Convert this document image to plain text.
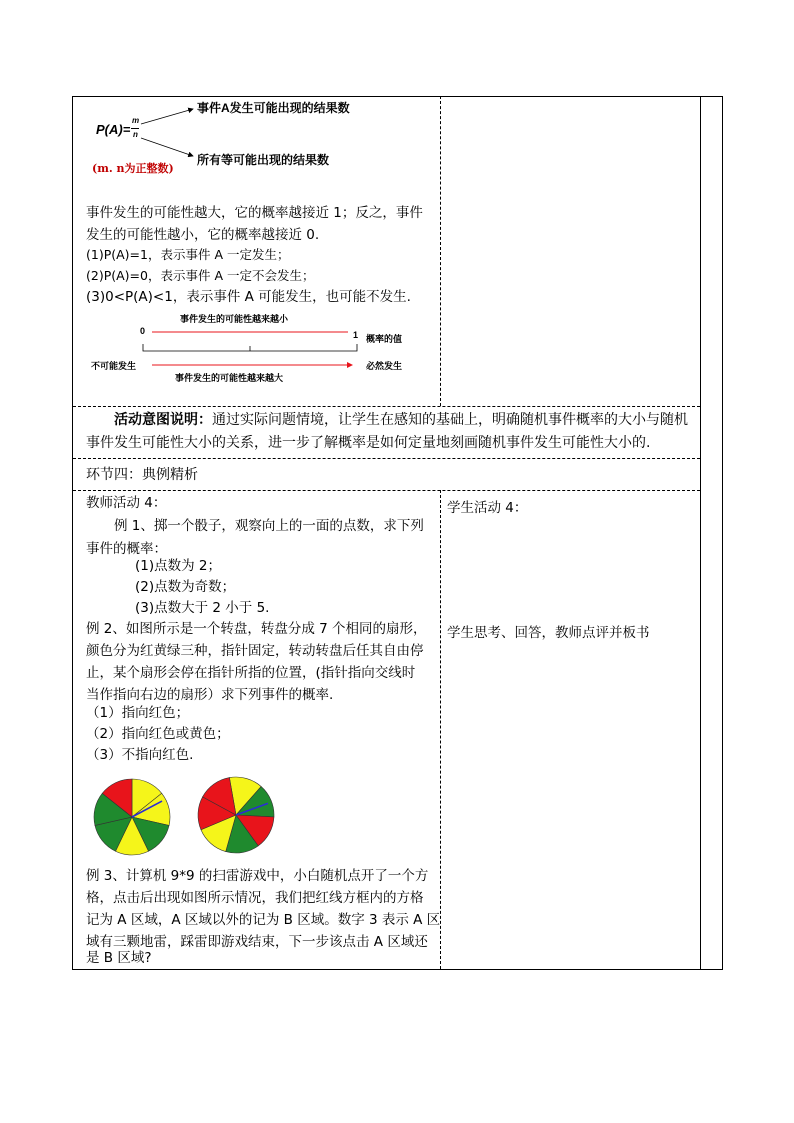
P(A)=
m
n
事件A发生可能出现的结果数
所有等可能出现的结果数
(m. n为正整数)
事件发生的可能性越大，它的概率越接近 1；反之，事件
发生的可能性越小，它的概率越接近 0.
(1)P(A)=1，表示事件 A 一定发生；
(2)P(A)=0，表示事件 A 一定不会发生；
(3)0<P(A)<1，表示事件 A 可能发生，也可能不发生.
事件发生的可能性越来越小
0	1 概率的值
不可能发生
事件发生的可能性越来越大
必然发生
活动意图说明：通过实际问题情境，让学生在感知的基础上，明确随机事件概率的大小与随机
事件发生可能性大小的关系，进一步了解概率是如何定量地刻画随机事件发生可能性大小的.
环节四：典例精析
教师活动 4：
例 1、掷一个骰子，观察向上的一面的点数，求下列
事件的概率：
(1)点数为 2；
(2)点数为奇数；
(3)点数大于 2 小于 5.
例 2、如图所示是一个转盘，转盘分成 7 个相同的扇形，
颜色分为红黄绿三种，指针固定，转动转盘后任其自由停
止，某个扇形会停在指针所指的位置，(指针指向交线时
当作指向右边的扇形）求下列事件的概率.
（1）指向红色；
（2）指向红色或黄色；
（3）不指向红色.
例 3、计算机 9*9 的扫雷游戏中，小白随机点开了一个方
格，点击后出现如图所示情况，我们把红线方框内的方格
记为 A 区域，A 区域以外的记为 B 区域。数字 3 表示 A 区
域有三颗地雷，踩雷即游戏结束，下一步该点击 A 区域还
是 B 区域?
学生活动 4：
学生思考、回答，教师点评并板书
